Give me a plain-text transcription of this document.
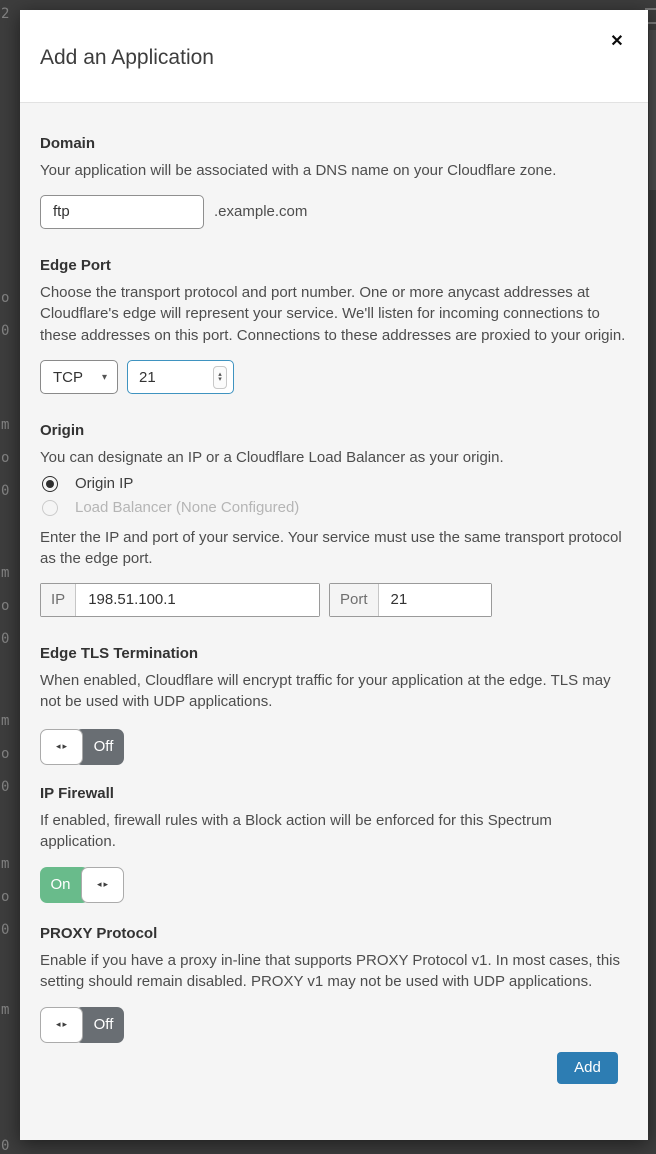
2
o
0
m
o
0
m
o
0
m
o
0
m
o
0
m
0
Add an Application
✕
Domain

Your application will be associated with a DNS name on your Cloudflare zone.

ftp
.example.com
Edge Port

Choose the transport protocol and port number. One or more anycast addresses at Cloudflare's edge will represent your service. We'll listen for incoming connections to these addresses on this port. Connections to these addresses are proxied to your origin.

TCP ▾
21	▴
▾
Origin

You can designate an IP or a Cloudflare Load Balancer as your origin.

Origin IP
Load Balancer (None Configured)

Enter the IP and port of your service. Your service must use the same transport protocol as the edge port.

IP
198.51.100.1	Port
21
Edge TLS Termination

When enabled, Cloudflare will encrypt traffic for your application at the edge. TLS may not be used with UDP applications.

◂▸	Off
IP Firewall

If enabled, firewall rules with a Block action will be enforced for this Spectrum application.

◂▸
On
PROXY Protocol

Enable if you have a proxy in-line that supports PROXY Protocol v1. In most cases, this setting should remain disabled. PROXY v1 may not be used with UDP applications.

◂▸	Off
Add
